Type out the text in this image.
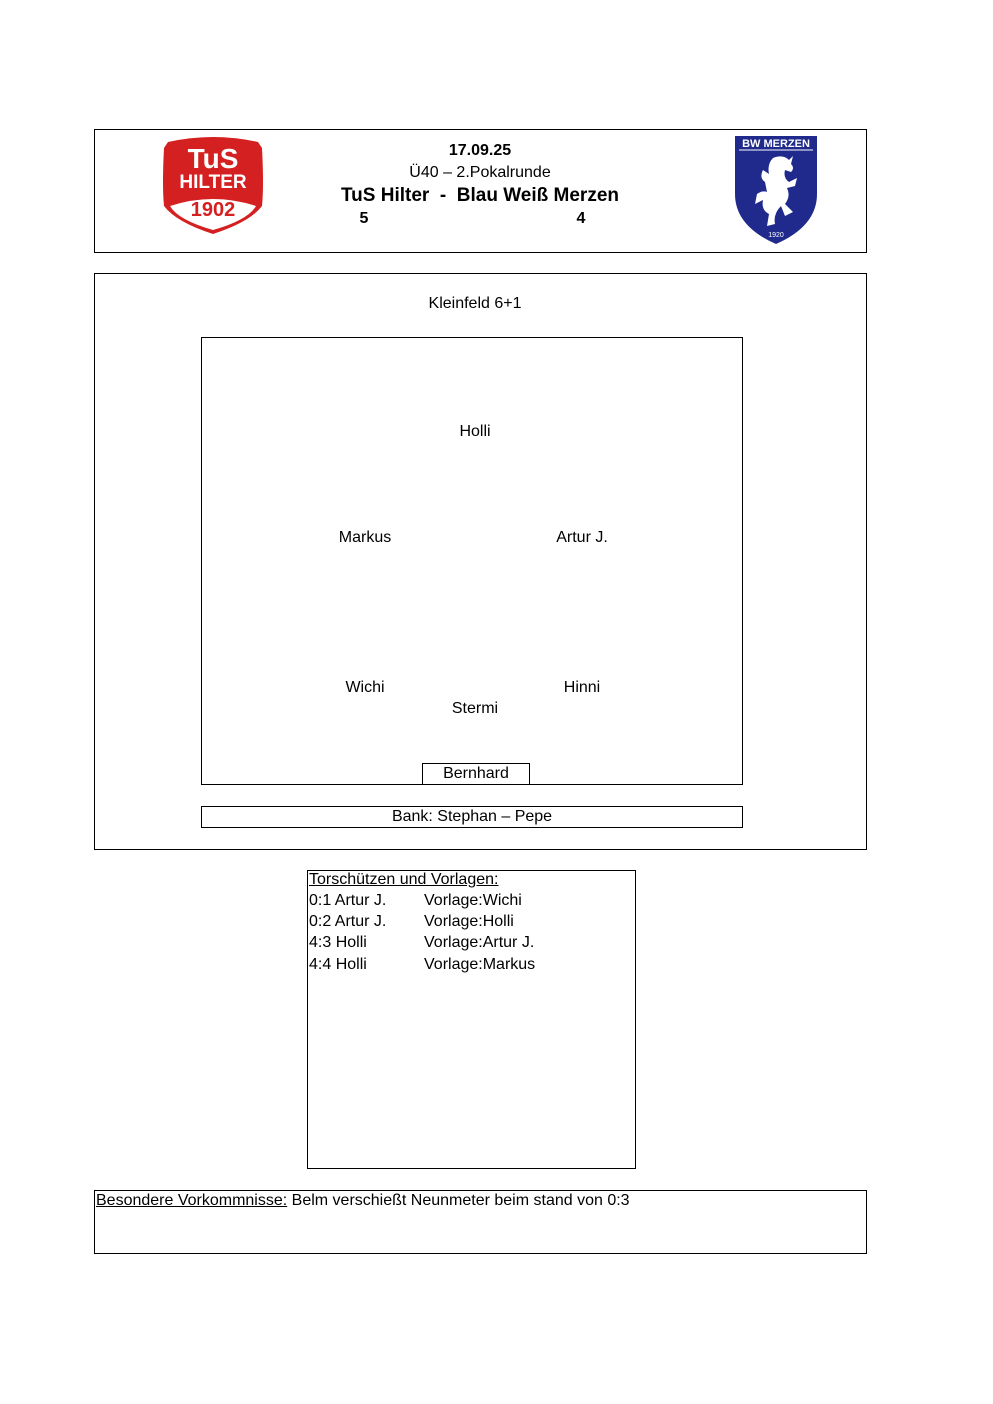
TuS
HILTER
1902
17.09.25
Ü40 – 2.Pokalrunde
TuS Hilter - Blau Weiß Merzen
5	4
BW MERZEN
1920
Kleinfeld 6+1
Holli
Markus	Artur J.
Wichi	Hinni
Stermi
Bernhard
Bank: Stephan – Pepe
Torschützen und Vorlagen:
0:1 Artur J. Vorlage:Wichi
0:2 Artur J. Vorlage:Holli
4:3 Holli	Vorlage:Artur J.
4:4 Holli	Vorlage:Markus
Besondere Vorkommnisse: Belm verschießt Neunmeter beim stand von 0:3
